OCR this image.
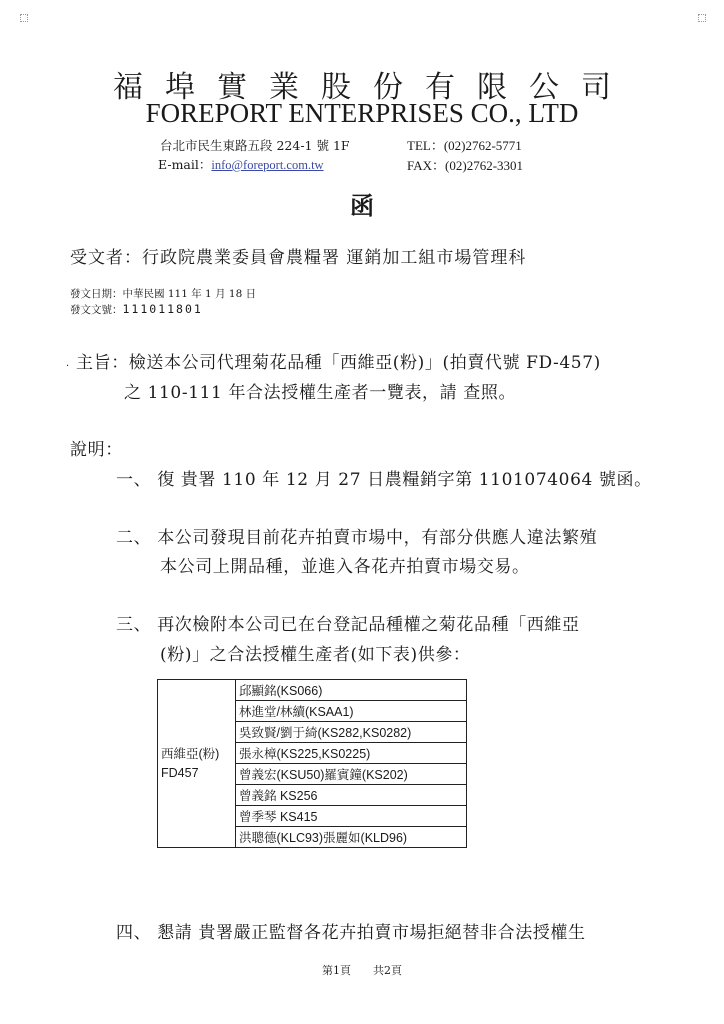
福埠實業股份有限公司
FOREPORT ENTERPRISES CO., LTD
台北市民生東路五段 224-1 號 1F	TEL：(02)2762-5771
E-mail：info@foreport.com.tw	FAX：(02)2762-3301
函
受文者：行政院農業委員會農糧署 運銷加工組市場管理科
發文日期：中華民國 111 年 1 月 18 日
發文文號：111011801
· 主旨：檢送本公司代理菊花品種「西維亞(粉)」(拍賣代號 FD-457)
之 110-111 年合法授權生產者一覽表，請 查照。
說明：
一、 復 貴署 110 年 12 月 27 日農糧銷字第 1101074064 號函。
二、 本公司發現目前花卉拍賣市場中，有部分供應人違法繁殖
本公司上開品種，並進入各花卉拍賣市場交易。
三、 再次檢附本公司已在台登記品種權之菊花品種「西維亞
(粉)」之合法授權生產者(如下表)供參：
西維亞(粉)
FD457
	邱顯銘(KS066)
林進堂/林續(KSAA1)
吳致賢/劉于綺(KS282,KS0282)
張永樟(KS225,KS0225)
曾義宏(KSU50)羅賓鐘(KS202)
曾義銘 KS256
曾季琴 KS415
洪聰德(KLC93)張麗如(KLD96)
四、 懇請 貴署嚴正監督各花卉拍賣市場拒絕替非合法授權生
第1頁　　共2頁
